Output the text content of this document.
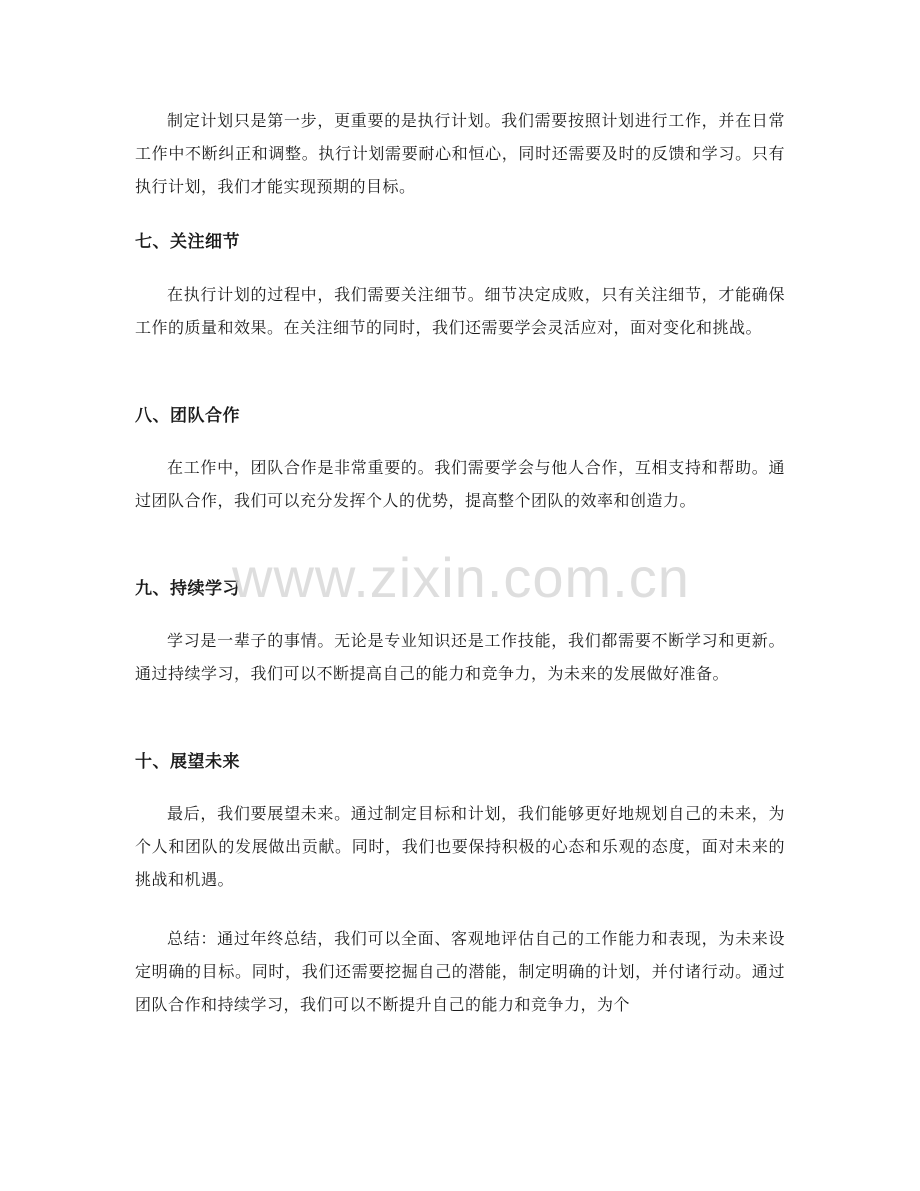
制定计划只是第一步，更重要的是执行计划。我们需要按照计划进行工作，并在日常工作中不断纠正和调整。执行计划需要耐心和恒心，同时还需要及时的反馈和学习。只有执行计划，我们才能实现预期的目标。

七、关注细节

在执行计划的过程中，我们需要关注细节。细节决定成败，只有关注细节，才能确保工作的质量和效果。在关注细节的同时，我们还需要学会灵活应对，面对变化和挑战。

八、团队合作

在工作中，团队合作是非常重要的。我们需要学会与他人合作，互相支持和帮助。通过团队合作，我们可以充分发挥个人的优势，提高整个团队的效率和创造力。

九、持续学习

学习是一辈子的事情。无论是专业知识还是工作技能，我们都需要不断学习和更新。通过持续学习，我们可以不断提高自己的能力和竞争力，为未来的发展做好准备。

十、展望未来

最后，我们要展望未来。通过制定目标和计划，我们能够更好地规划自己的未来，为个人和团队的发展做出贡献。同时，我们也要保持积极的心态和乐观的态度，面对未来的挑战和机遇。

总结：通过年终总结，我们可以全面、客观地评估自己的工作能力和表现，为未来设定明确的目标。同时，我们还需要挖掘自己的潜能，制定明确的计划，并付诸行动。通过团队合作和持续学习，我们可以不断提升自己的能力和竞争力，为个

www.zixin.com.cn
